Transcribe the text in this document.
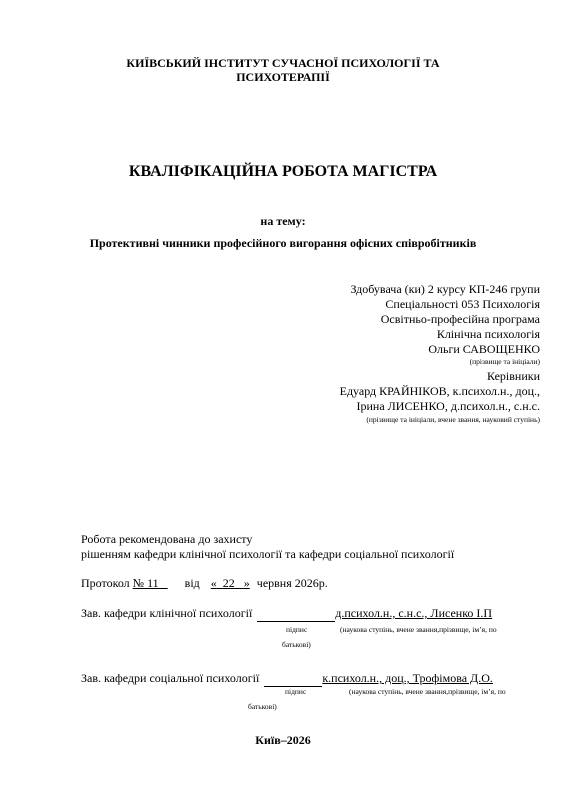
КИЇВСЬКИЙ ІНСТИТУТ СУЧАСНОЇ ПСИХОЛОГІЇ ТА
ПСИХОТЕРАПІЇ
КВАЛІФІКАЦІЙНА РОБОТА МАГІСТРА
на тему:
Протективні чинники професійного вигорання офісних співробітників
Здобувача (ки) 2 курсу КП-246 групи
Спеціальності 053 Психологія
Освітньо-професійна програма
Клінічна психологія
Ольги САВОЩЕНКО
(прізвище та ініціали)
Керівники
Едуард КРАЙНІКОВ, к.психол.н., доц.,
Ірина ЛИСЕНКО, д.психол.н., с.н.с.
(прізвище та ініціали, вчене звання, науковий ступінь)
Робота рекомендована до захисту
рішенням кафедри клінічної психології та кафедри соціальної психології
Протокол № 11 від « 22 » червня 2026р.
Зав. кафедри клінічної психології	д.психол.н., с.н.с., Лисенко І.П
підпис	(наукова ступінь, вчене звання,прізвище, ім’я, по
батькові)
Зав. кафедри соціальної психології	к.психол.н., доц., Трофімова Д.О.
підпис	(наукова ступінь, вчене звання,прізвище, ім’я, по
батькові)
Київ–2026
